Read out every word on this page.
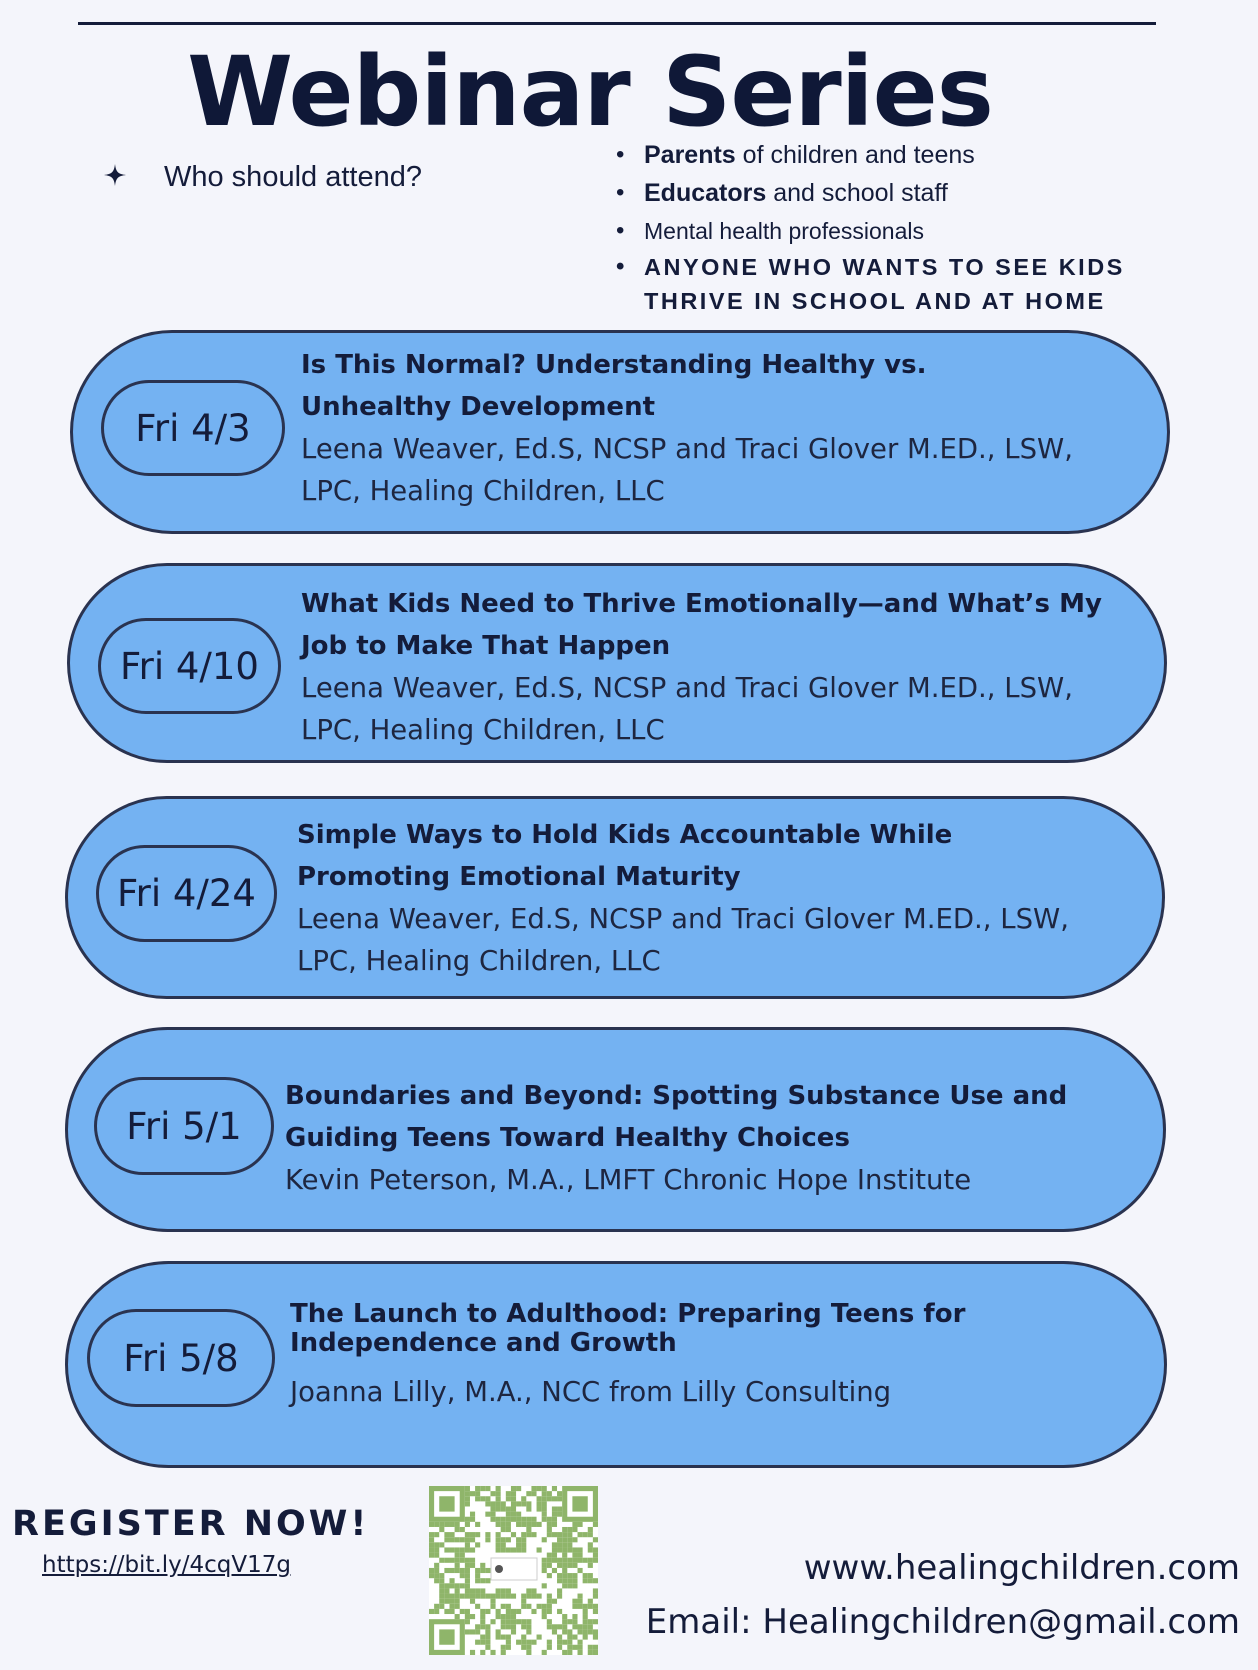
Webinar Series
Who should attend?
• Parents of children and teens
• Educators and school staff
• Mental health professionals
• ANYONE WHO WANTS TO SEE KIDS THRIVE IN SCHOOL AND AT HOME
Fri 4/3

Is This Normal? Understanding Healthy vs. Unhealthy Development

Leena Weaver, Ed.S, NCSP and Traci Glover M.ED., LSW, LPC, Healing Children, LLC

Fri 4/10

What Kids Need to Thrive Emotionally—and What’s My Job to Make That Happen

Leena Weaver, Ed.S, NCSP and Traci Glover M.ED., LSW, LPC, Healing Children, LLC

Fri 4/24

Simple Ways to Hold Kids Accountable While Promoting Emotional Maturity

Leena Weaver, Ed.S, NCSP and Traci Glover M.ED., LSW, LPC, Healing Children, LLC

Fri 5/1

Boundaries and Beyond: Spotting Substance Use and Guiding Teens Toward Healthy Choices

Kevin Peterson, M.A., LMFT Chronic Hope Institute

Fri 5/8

The Launch to Adulthood: Preparing Teens for Independence and Growth

Joanna Lilly, M.A., NCC from Lilly Consulting

REGISTER NOW!
https://bit.ly/4cqV17g	www.healingchildren.com
Email: Healingchildren@gmail.com
